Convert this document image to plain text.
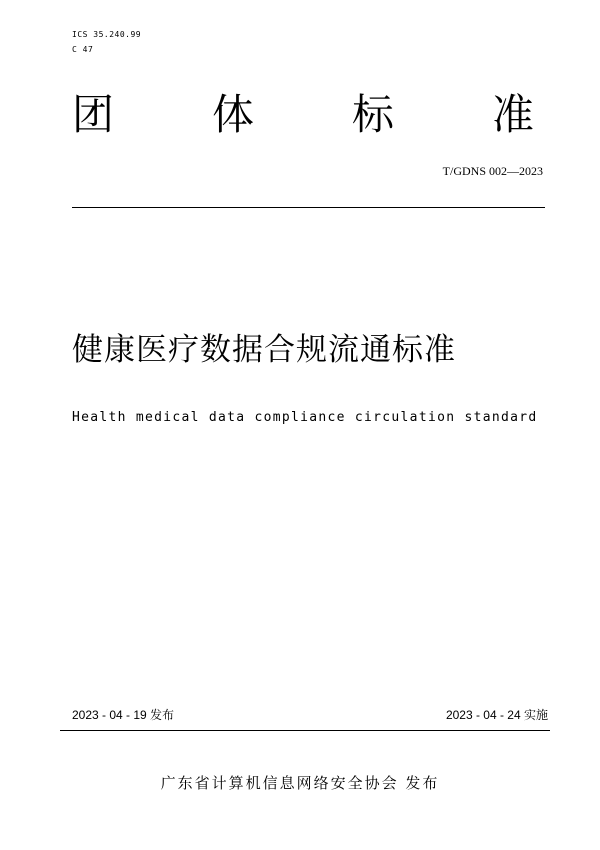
ICS 35.240.99
C 47
团 体 标 准
T/GDNS 002—2023
健康医疗数据合规流通标准
Health medical data compliance circulation standard
2023 - 04 - 19 发布	2023 - 04 - 24 实施
广东省计算机信息网络安全协会 发布
